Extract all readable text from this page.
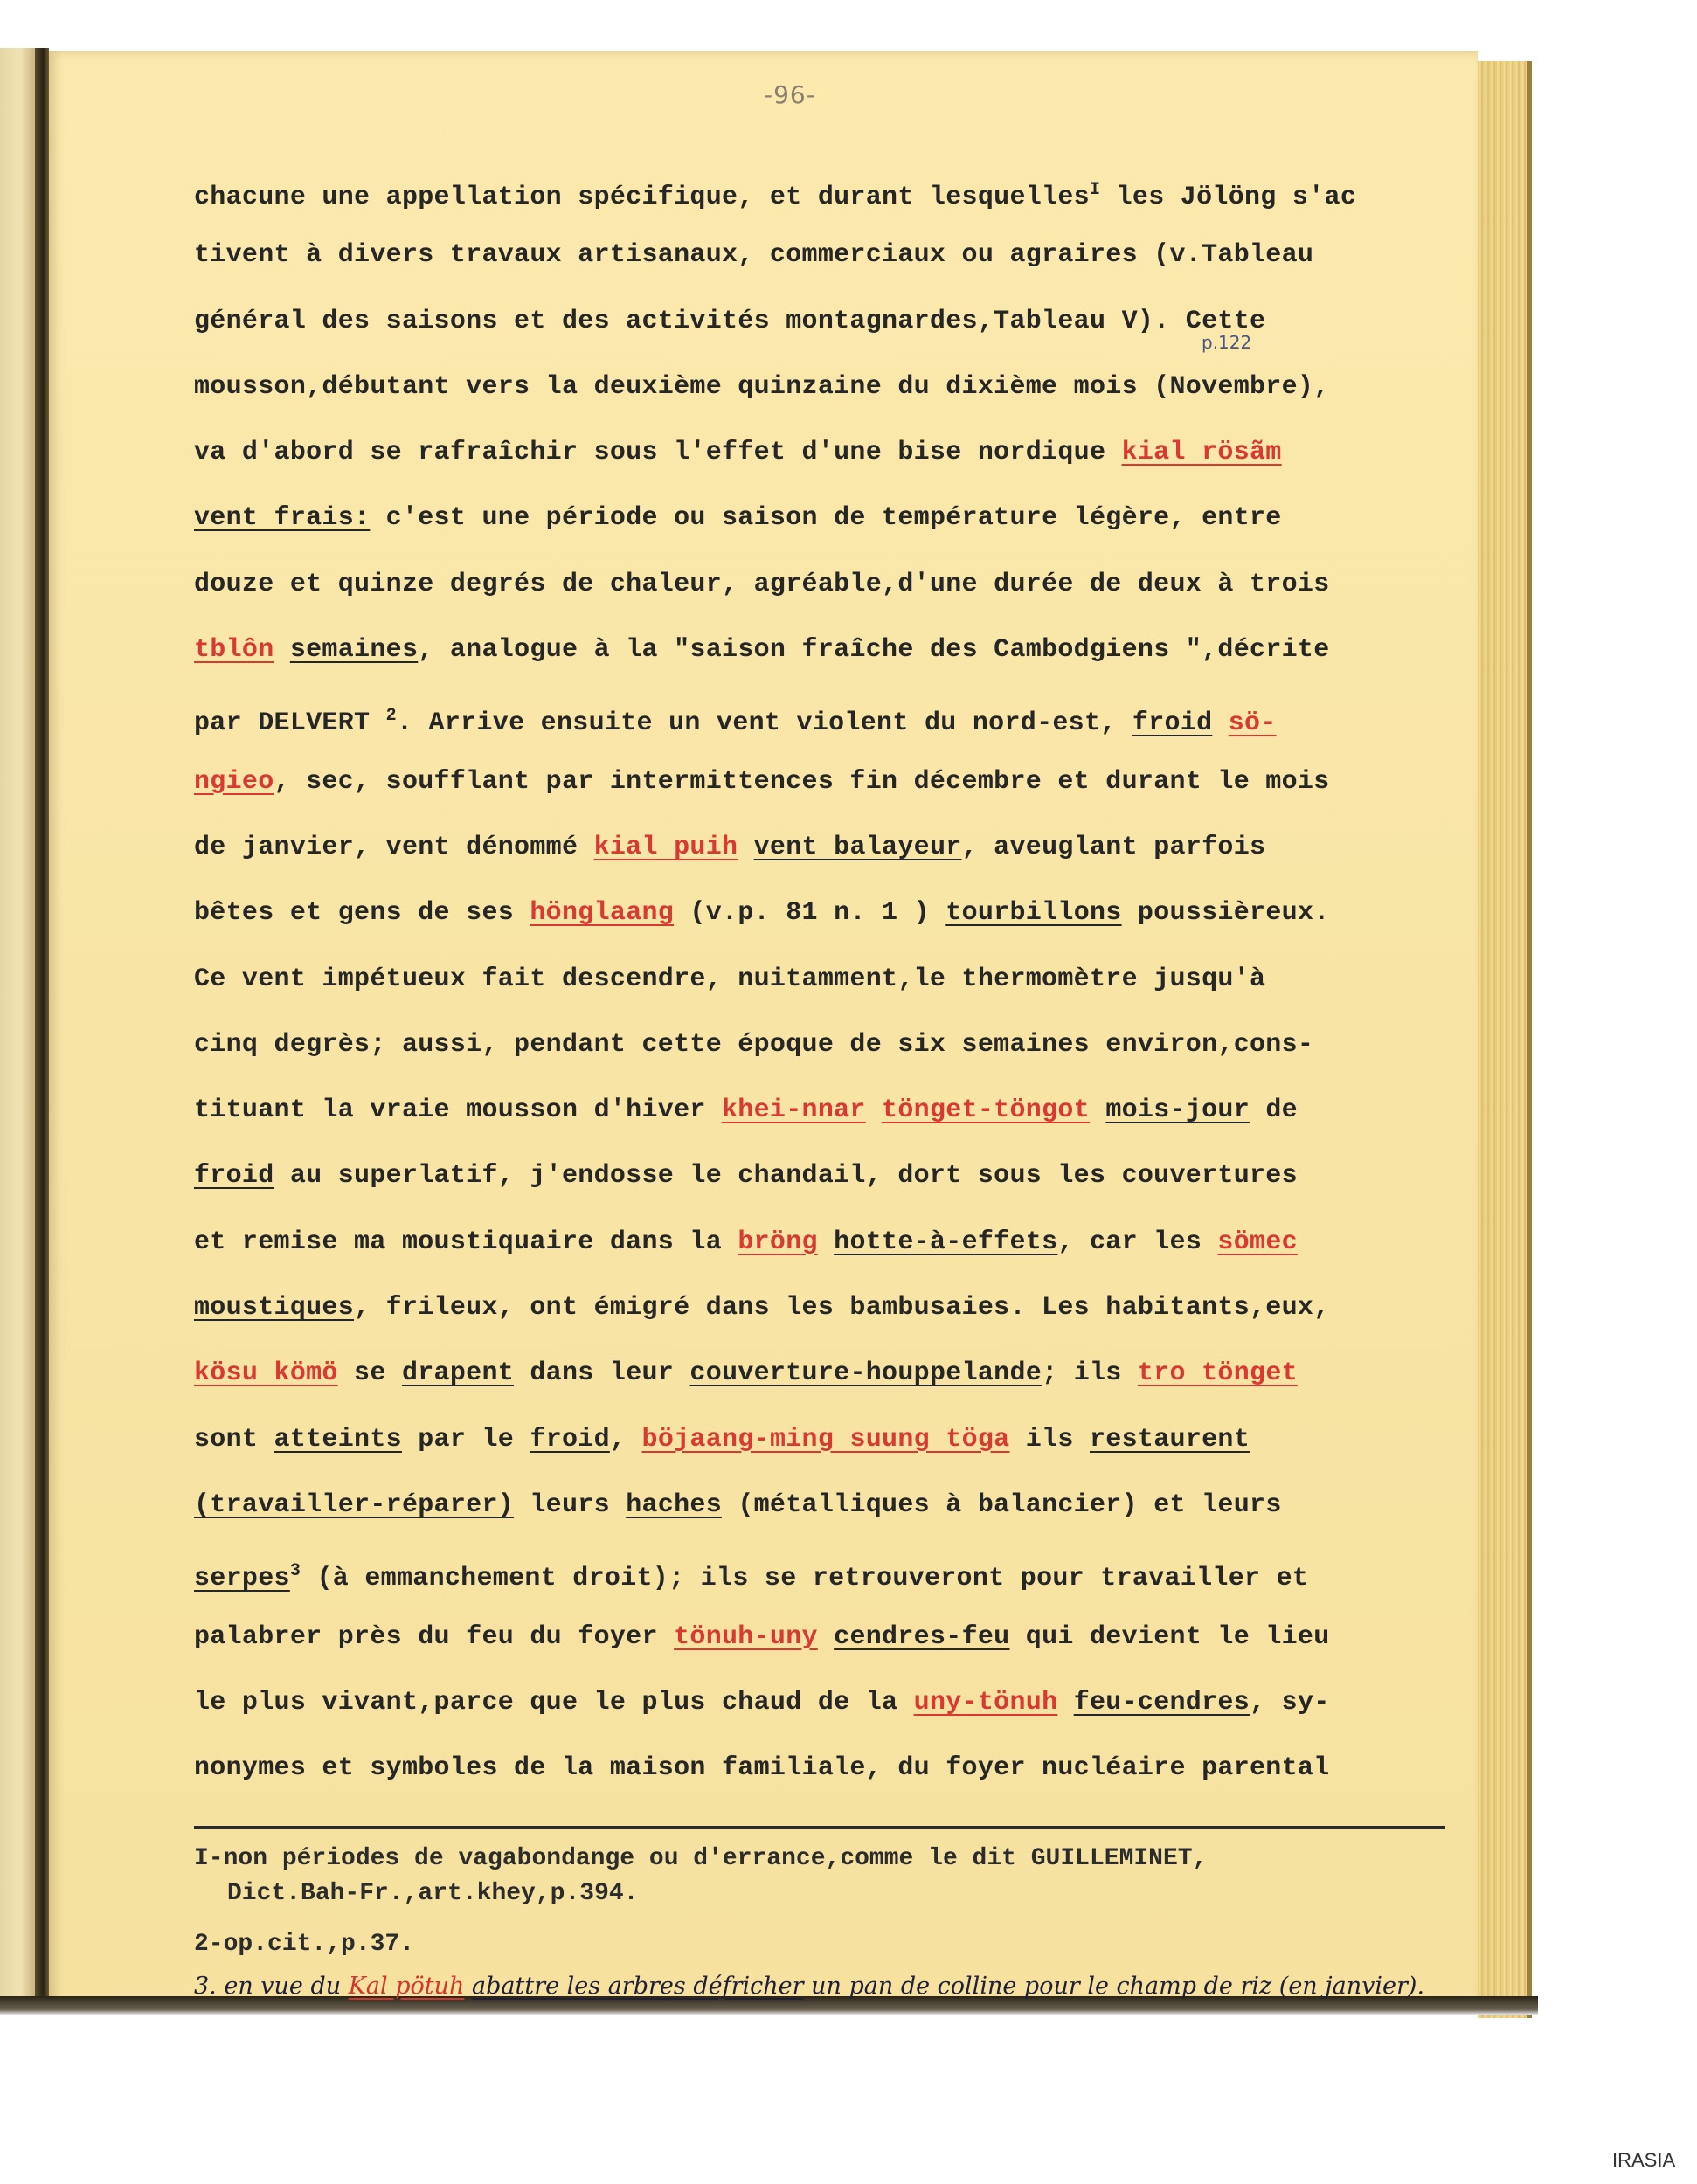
-96-
p.122
chacune une appellation spécifique, et durant lesquelles$^I$ les Jölöng s'ac
tivent à divers travaux artisanaux, commerciaux ou agraires (v.Tableau
général des saisons et des activités montagnardes,Tableau V). Cette
mousson,débutant vers la deuxième quinzaine du dixième mois (Novembre),
va d'abord se rafraîchir sous l'effet d'une bise nordique kial rösãm
vent frais: c'est une période ou saison de température légère, entre
douze et quinze degrés de chaleur, agréable,d'une durée de deux à trois
tblôn semaines, analogue à la "saison fraîche des Cambodgiens ",décrite
par DELVERT $^2$. Arrive ensuite un vent violent du nord-est, froid sö-
ngieo, sec, soufflant par intermittences fin décembre et durant le mois
de janvier, vent dénommé kial puih vent balayeur, aveuglant parfois
bêtes et gens de ses hönglaang (v.p. 81 n. 1 ) tourbillons poussièreux.
Ce vent impétueux fait descendre, nuitamment,le thermomètre jusqu'à
cinq degrès; aussi, pendant cette époque de six semaines environ,cons-
tituant la vraie mousson d'hiver khei-nnar tönget-töngot mois-jour de
froid au superlatif, j'endosse le chandail, dort sous les couvertures
et remise ma moustiquaire dans la bröng hotte-à-effets, car les sömec
moustiques, frileux, ont émigré dans les bambusaies. Les habitants,eux,
kösu kömö se drapent dans leur couverture-houppelande; ils tro tönget
sont atteints par le froid, böjaang-ming suung töga ils restaurent
(travailler-réparer) leurs haches (métalliques à balancier) et leurs
serpes$^3$ (à emmanchement droit); ils se retrouveront pour travailler et
palabrer près du feu du foyer tönuh-uny cendres-feu qui devient le lieu
le plus vivant,parce que le plus chaud de la uny-tönuh feu-cendres, sy-
nonymes et symboles de la maison familiale, du foyer nucléaire parental
I-non périodes de vagabondange ou d'errance,comme le dit GUILLEMINET,
Dict.Bah-Fr.,art.khey,p.394.
2-op.cit.,p.37.
3. en vue du Kal pötuh abattre les arbres défricher un pan de colline pour le champ de riz (en janvier).
IRASIA
